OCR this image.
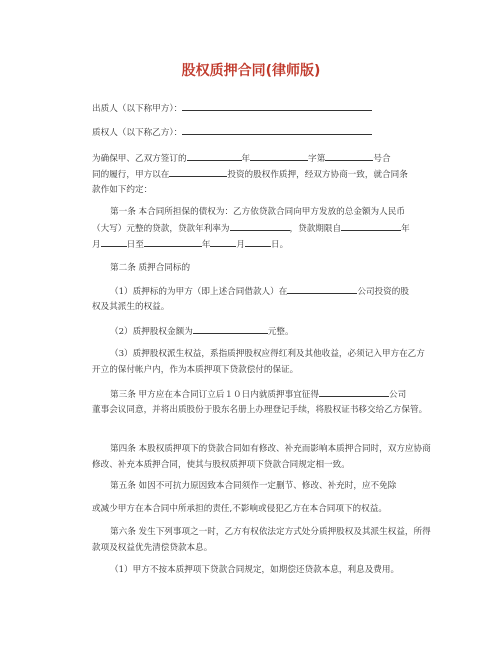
股权质押合同(律师版)
出质人（以下称甲方）：
质权人（以下称乙方）：
为确保甲、乙双方签订的	年	字第	号合
同的履行，甲方以在	投资的股权作质押，经双方协商一致，就合同条
款作如下约定：
第一条 本合同所担保的债权为：乙方依贷款合同向甲方发放的总金额为人民币
（大写）元整的贷款，贷款年利率为	，贷款期限自	年
月	日至	年	月	日。
第二条 质押合同标的
（1）质押标的为甲方（即上述合同借款人）在	公司投资的股
权及其派生的权益。
（2）质押股权金额为	元整。
（3）质押股权派生权益，系指质押股权应得红利及其他收益，必须记入甲方在乙方开立的保付帐户内，作为本质押项下贷款偿付的保证。
第三条 甲方应在本合同订立后１０日内就质押事宜征得	公司
董事会议同意，并将出质股份于股东名册上办理登记手续，将股权证书移交给乙方保管。
第四条 本股权质押项下的贷款合同如有修改、补充而影响本质押合同时，双方应协商修改、补充本质押合同，使其与股权质押项下贷款合同规定相一致。
第五条 如因不可抗力原因致本合同须作一定删节、修改、补充时，应不免除
或减少甲方在本合同中所承担的责任,不影响或侵犯乙方在本合同项下的权益。
第六条 发生下列事项之一时，乙方有权依法定方式处分质押股权及其派生权益，所得款项及权益优先清偿贷款本息。
（1）甲方不按本质押项下贷款合同规定，如期偿还贷款本息，利息及费用。
